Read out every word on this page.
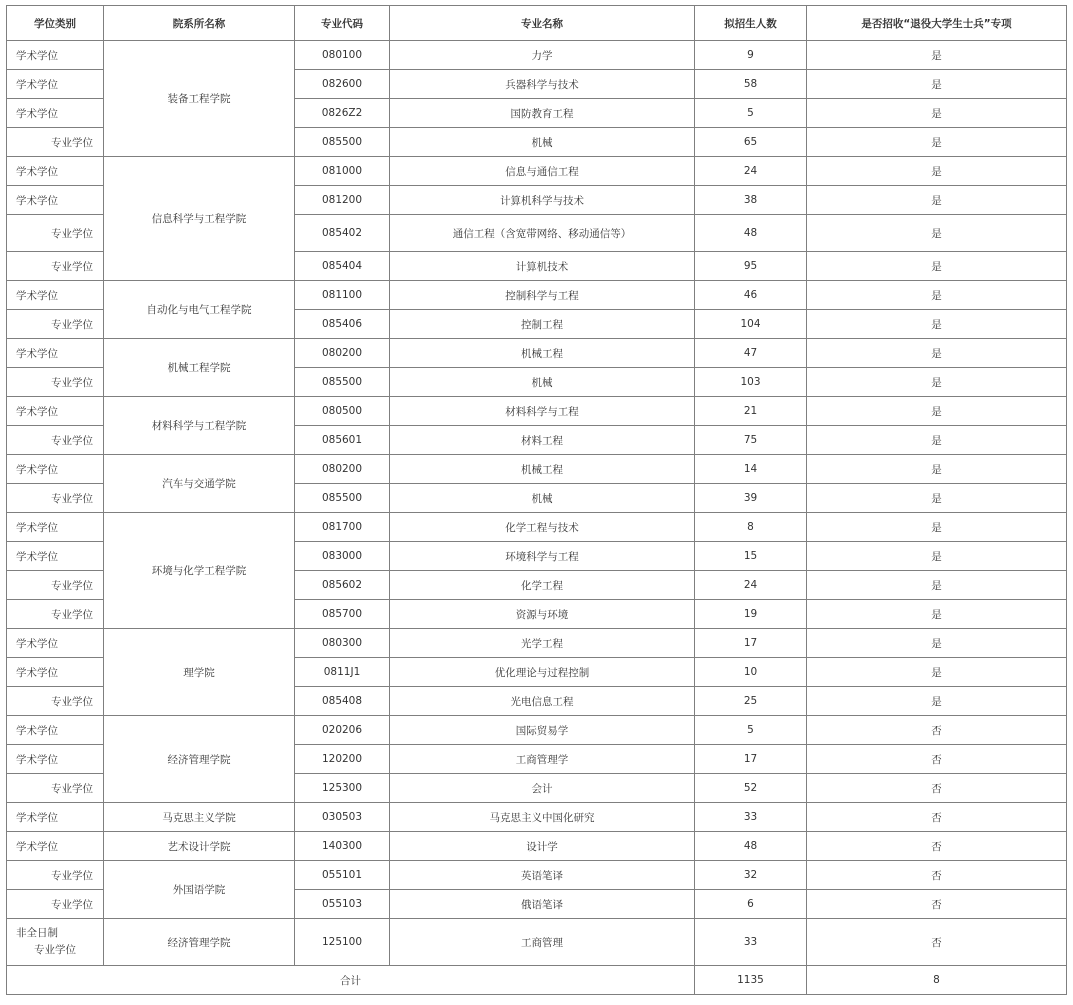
学位类别	院系所名称	专业代码	专业名称	拟招生人数	是否招收“退役大学生士兵”专项
学术学位	装备工程学院	080100	力学	9	是
学术学位		082600	兵器科学与技术	58	是
学术学位		0826Z2	国防教育工程	5	是
专业学位		085500	机械	65	是
学术学位	信息科学与工程学院	081000	信息与通信工程	24	是
学术学位		081200	计算机科学与技术	38	是
专业学位		085402	通信工程（含宽带网络、移动通信等）	48	是
专业学位		085404	计算机技术	95	是
学术学位	自动化与电气工程学院	081100	控制科学与工程	46	是
专业学位		085406	控制工程	104	是
学术学位	机械工程学院	080200	机械工程	47	是
专业学位		085500	机械	103	是
学术学位	材料科学与工程学院	080500	材料科学与工程	21	是
专业学位		085601	材料工程	75	是
学术学位	汽车与交通学院	080200	机械工程	14	是
专业学位		085500	机械	39	是
学术学位	环境与化学工程学院	081700	化学工程与技术	8	是
学术学位		083000	环境科学与工程	15	是
专业学位		085602	化学工程	24	是
专业学位		085700	资源与环境	19	是
学术学位	理学院	080300	光学工程	17	是
学术学位		0811J1	优化理论与过程控制	10	是
专业学位		085408	光电信息工程	25	是
学术学位	经济管理学院	020206	国际贸易学	5	否
学术学位		120200	工商管理学	17	否
专业学位		125300	会计	52	否
学术学位	马克思主义学院	030503	马克思主义中国化研究	33	否
学术学位	艺术设计学院	140300	设计学	48	否
专业学位	外国语学院	055101	英语笔译	32	否
专业学位		055103	俄语笔译	6	否

非全日制
专业学位	经济管理学院	125100	工商管理	33	否
合计				1135	8
